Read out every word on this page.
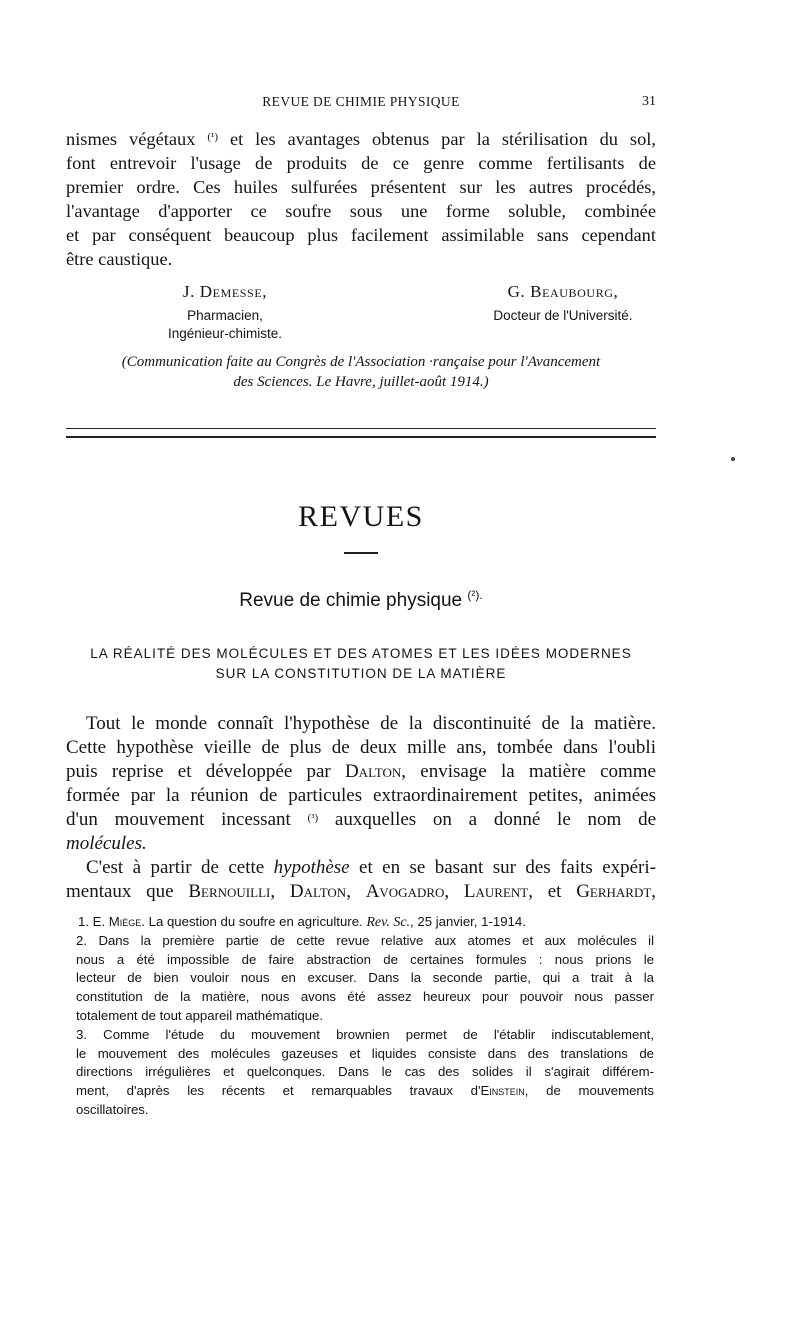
REVUE DE CHIMIE PHYSIQUE	31
nismes végétaux $^{(^1)}$ et les avantages obtenus par la stérilisation du sol,
font entrevoir l'usage de produits de ce genre comme fertilisants de
premier ordre. Ces huiles sulfurées présentent sur les autres procédés,
l'avantage d'apporter ce soufre sous une forme soluble, combinée
et par conséquent beaucoup plus facilement assimilable sans cependant
être caustique.
J. Demesse,
Pharmacien,
Ingénieur-chimiste.
G. Beaubourg,
Docteur de l'Université.
(Communication faite au Congrès de l'Association ·rançaise pour l'Avancement
des Sciences. Le Havre, juillet-août 1914.)
REVUES
Revue de chimie physique $^{(^2).}$
LA RÉALITÉ DES MOLÉCULES ET DES ATOMES ET LES IDÉES MODERNES
SUR LA CONSTITUTION DE LA MATIÈRE
Tout le monde connaît l'hypothèse de la discontinuité de la matière.
Cette hypothèse vieille de plus de deux mille ans, tombée dans l'oubli
puis reprise et développée par Dalton, envisage la matière comme
formée par la réunion de particules extraordinairement petites, animées
d'un mouvement incessant $^{(^3)}$ auxquelles on a donné le nom de
molécules.
C'est à partir de cette hypothèse et en se basant sur des faits expéri-
mentaux que Bernouilli, Dalton, Avogadro, Laurent, et Gerhardt,
1. E. Miège. La question du soufre en agriculture. Rev. Sc., 25 janvier, 1-1914.
2. Dans la première partie de cette revue relative aux atomes et aux molécules il
nous a été impossible de faire abstraction de certaines formules : nous prions le
lecteur de bien vouloir nous en excuser. Dans la seconde partie, qui a trait à la
constitution de la matière, nous avons été assez heureux pour pouvoir nous passer
totalement de tout appareil mathématique.
3. Comme l'étude du mouvement brownien permet de l'établir indiscutablement,
le mouvement des molécules gazeuses et liquides consiste dans des translations de
directions irrégulières et quelconques. Dans le cas des solides il s'agirait différem-
ment, d'après les récents et remarquables travaux d'Einstein, de mouvements
oscillatoires.
